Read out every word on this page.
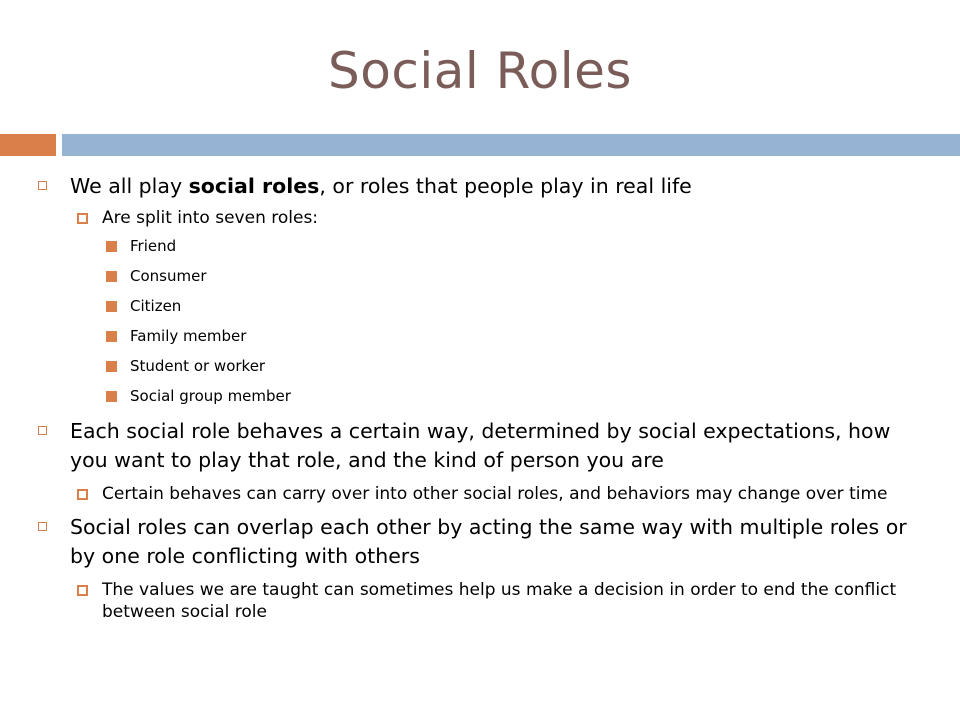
Social Roles
We all play social roles, or roles that people play in real life
Are split into seven roles:
Friend
Consumer
Citizen
Family member
Student or worker
Social group member
Each social role behaves a certain way, determined by social expectations, how you want to play that role, and the kind of person you are
Certain behaves can carry over into other social roles, and behaviors may change over time
Social roles can overlap each other by acting the same way with multiple roles or by one role conflicting with others
The values we are taught can sometimes help us make a decision in order to end the conflict between social role
